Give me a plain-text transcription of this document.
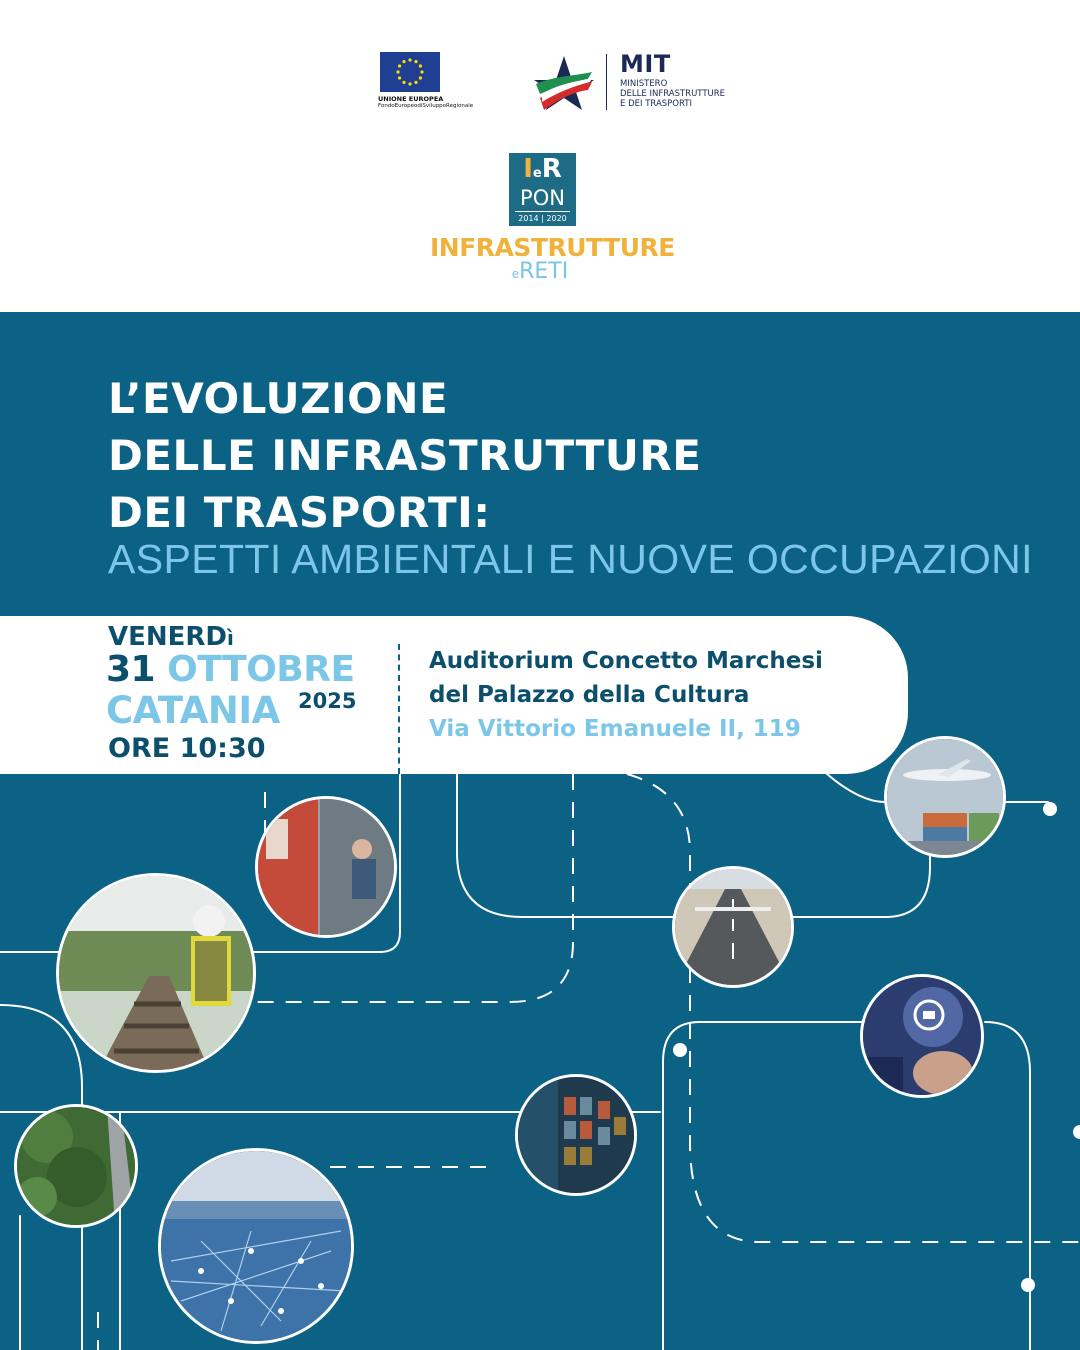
UNIONE EUROPEA
FondoEuropeodiSviluppoRegionale
MIT
MINISTERO
DELLE INFRASTRUTTURE
E DEI TRASPORTI
IeR
PON
2014 | 2020
INFRASTRUTTURE
eRETI
L’EVOLUZIONE
DELLE INFRASTRUTTURE
DEI TRASPORTI:
ASPETTI AMBIENTALI E NUOVE OCCUPAZIONI
VENERDì
31 OTTOBRE
CATANIA 2025
ORE 10:30
Auditorium Concetto Marchesi
del Palazzo della Cultura
Via Vittorio Emanuele II, 119
